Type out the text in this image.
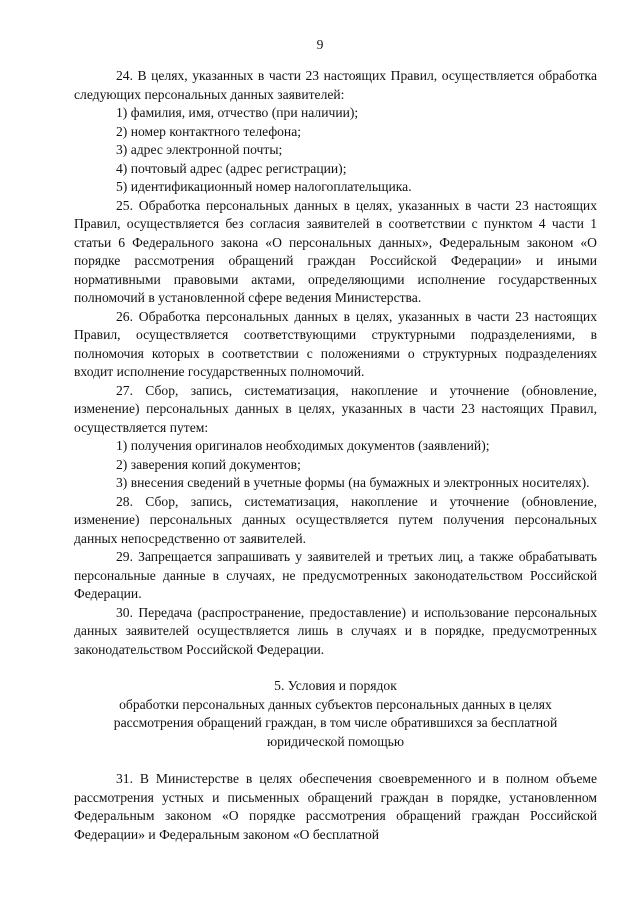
9

24. В целях, указанных в части 23 настоящих Правил, осуществляется обработка следующих персональных данных заявителей:

1) фамилия, имя, отчество (при наличии);

2) номер контактного телефона;

3) адрес электронной почты;

4) почтовый адрес (адрес регистрации);

5) идентификационный номер налогоплательщика.

25. Обработка персональных данных в целях, указанных в части 23 настоящих Правил, осуществляется без согласия заявителей в соответствии с пунктом 4 части 1 статьи 6 Федерального закона «О персональных данных», Федеральным законом «О порядке рассмотрения обращений граждан Российской Федерации» и иными нормативными правовыми актами, определяющими исполнение государственных полномочий в установленной сфере ведения Министерства.

26. Обработка персональных данных в целях, указанных в части 23 настоящих Правил, осуществляется соответствующими структурными подразделениями, в полномочия которых в соответствии с положениями о структурных подразделениях входит исполнение государственных полномочий.

27. Сбор, запись, систематизация, накопление и уточнение (обновление, изменение) персональных данных в целях, указанных в части 23 настоящих Правил, осуществляется путем:

1) получения оригиналов необходимых документов (заявлений);

2) заверения копий документов;

3) внесения сведений в учетные формы (на бумажных и электронных носителях).

28. Сбор, запись, систематизация, накопление и уточнение (обновление, изменение) персональных данных осуществляется путем получения персональных данных непосредственно от заявителей.

29. Запрещается запрашивать у заявителей и третьих лиц, а также обрабатывать персональные данные в случаях, не предусмотренных законодательством Российской Федерации.

30. Передача (распространение, предоставление) и использование персональных данных заявителей осуществляется лишь в случаях и в порядке, предусмотренных законодательством Российской Федерации.

5. Условия и порядок

обработки персональных данных субъектов персональных данных в целях

рассмотрения обращений граждан, в том числе обратившихся за бесплатной

юридической помощью

31. В Министерстве в целях обеспечения своевременного и в полном объеме рассмотрения устных и письменных обращений граждан в порядке, установленном Федеральным законом «О порядке рассмотрения обращений граждан Российской Федерации» и Федеральным законом «О бесплатной
